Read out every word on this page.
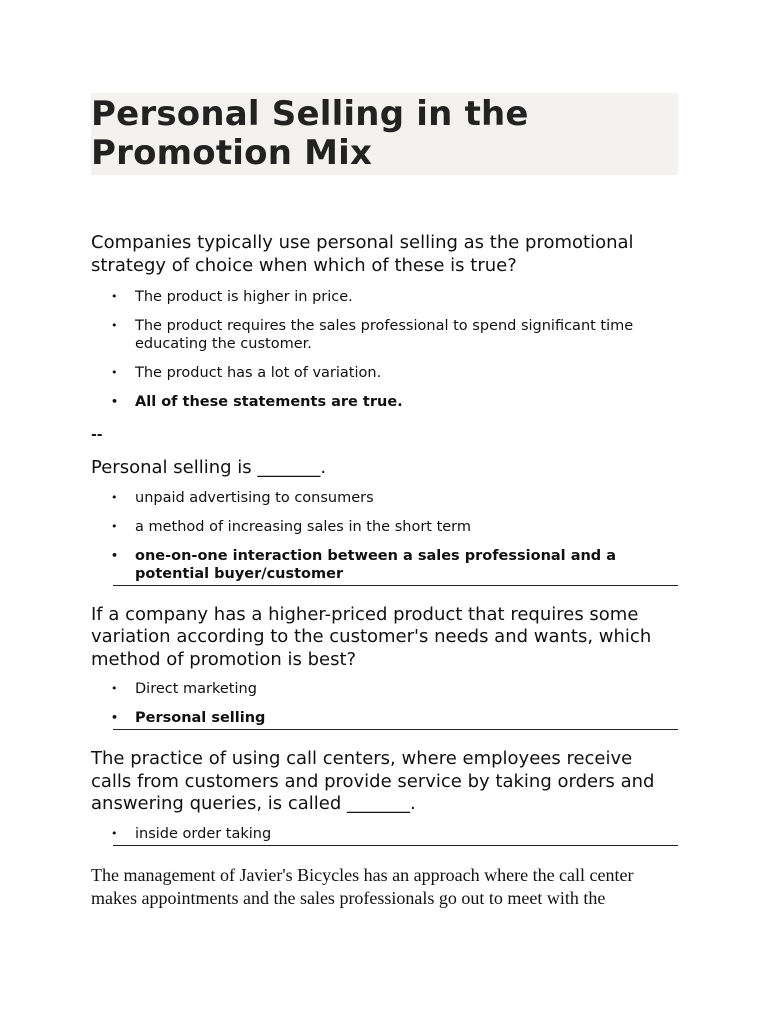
Personal Selling in the Promotion Mix

Companies typically use personal selling as the promotional strategy of choice when which of these is true?

• The product is higher in price.
• The product requires the sales professional to spend significant time educating the customer.
• The product has a lot of variation.
• All of these statements are true.

--

Personal selling is _______.

• unpaid advertising to consumers
• a method of increasing sales in the short term
• one-on-one interaction between a sales professional and a potential buyer/customer

If a company has a higher-priced product that requires some variation according to the customer's needs and wants, which method of promotion is best?

• Direct marketing
• Personal selling

The practice of using call centers, where employees receive calls from customers and provide service by taking orders and answering queries, is called _______.

• inside order taking

The management of Javier's Bicycles has an approach where the call center makes appointments and the sales professionals go out to meet with the
